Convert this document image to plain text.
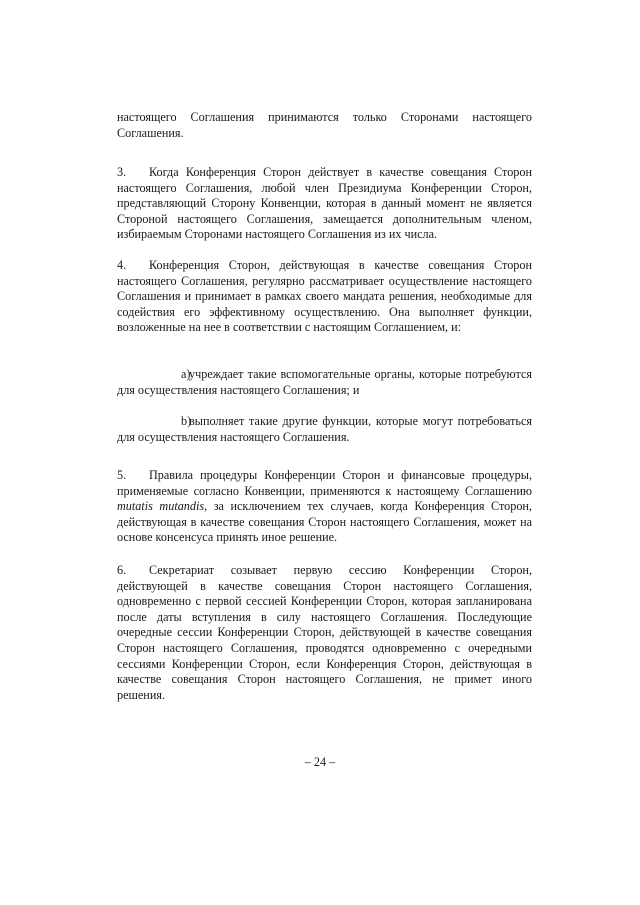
настоящего Соглашения принимаются только Сторонами настоящего Соглашения.

3. Когда Конференция Сторон действует в качестве совещания Сторон настоящего Соглашения, любой член Президиума Конференции Сторон, представляющий Сторону Конвенции, которая в данный момент не является Стороной настоящего Соглашения, замещается дополнительным членом, избираемым Сторонами настоящего Соглашения из их числа.

4. Конференция Сторон, действующая в качестве совещания Сторон настоящего Соглашения, регулярно рассматривает осуществление настоящего Соглашения и принимает в рамках своего мандата решения, необходимые для содействия его эффективному осуществлению. Она выполняет функции, возложенные на нее в соответствии с настоящим Соглашением, и:

a)учреждает такие вспомогательные органы, которые потребуются для осуществления настоящего Соглашения; и

b)выполняет такие другие функции, которые могут потребоваться для осуществления настоящего Соглашения.

5. Правила процедуры Конференции Сторон и финансовые процедуры, применяемые согласно Конвенции, применяются к настоящему Соглашению mutatis mutandis, за исключением тех случаев, когда Конференция Сторон, действующая в качестве совещания Сторон настоящего Соглашения, может на основе консенсуса принять иное решение.

6. Секретариат созывает первую сессию Конференции Сторон, действующей в качестве совещания Сторон настоящего Соглашения, одновременно с первой сессией Конференции Сторон, которая запланирована после даты вступления в силу настоящего Соглашения. Последующие очередные сессии Конференции Сторон, действующей в качестве совещания Сторон настоящего Соглашения, проводятся одновременно с очередными сессиями Конференции Сторон, если Конференция Сторон, действующая в качестве совещания Сторон настоящего Соглашения, не примет иного решения.

– 24 –
